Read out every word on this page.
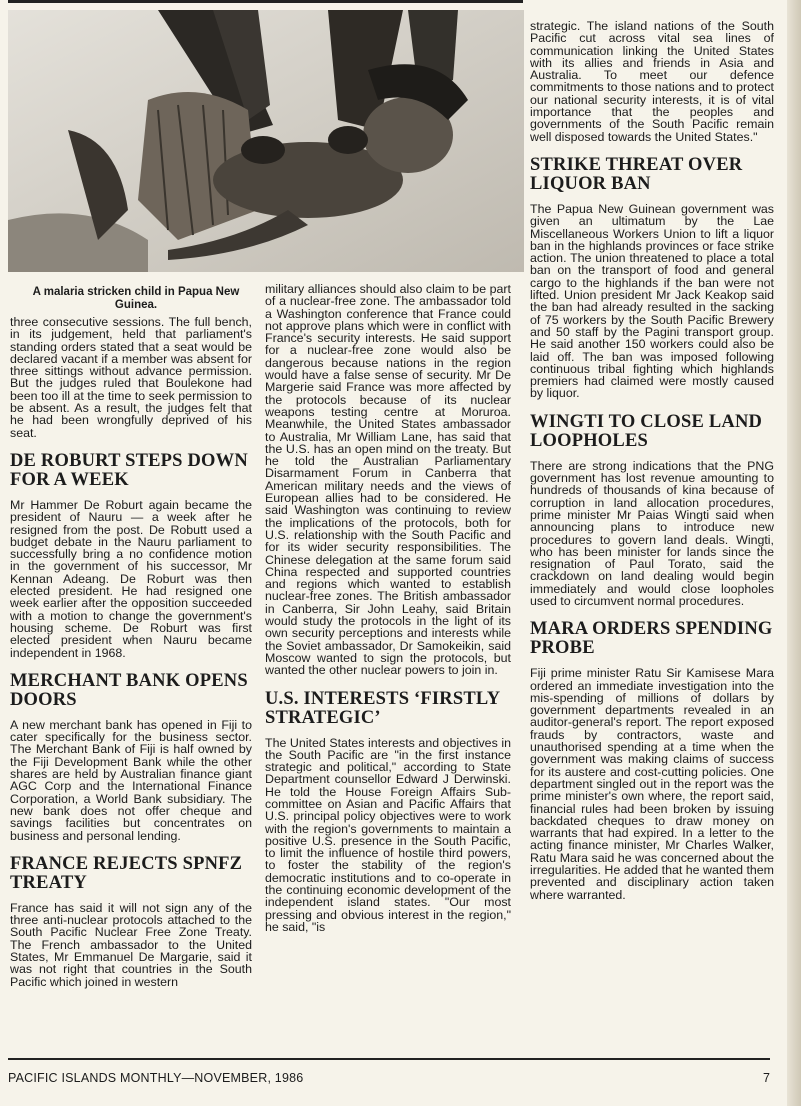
A malaria stricken child in Papua New Guinea.

three consecutive sessions. The full bench, in its judgement, held that parliament's standing orders stated that a seat would be declared vacant if a member was absent for three sittings without advance permission. But the judges ruled that Boulekone had been too ill at the time to seek permission to be absent. As a result, the judges felt that he had been wrongfully deprived of his seat.

DE ROBURT STEPS DOWN FOR A WEEK

Mr Hammer De Roburt again became the president of Nauru — a week after he resigned from the post. De Robutt used a budget debate in the Nauru parliament to successfully bring a no confidence motion in the government of his successor, Mr Kennan Adeang. De Roburt was then elected president. He had resigned one week earlier after the opposition succeeded with a motion to change the government's housing scheme. De Roburt was first elected president when Nauru became independent in 1968.

MERCHANT BANK OPENS DOORS

A new merchant bank has opened in Fiji to cater specifically for the business sector. The Merchant Bank of Fiji is half owned by the Fiji Development Bank while the other shares are held by Australian finance giant AGC Corp and the International Finance Corporation, a World Bank subsidiary. The new bank does not offer cheque and savings facilities but concentrates on business and personal lending.

FRANCE REJECTS SPNFZ TREATY

France has said it will not sign any of the three anti-nuclear protocols attached to the South Pacific Nuclear Free Zone Treaty. The French ambassador to the United States, Mr Emmanuel De Margarie, said it was not right that countries in the South Pacific which joined in western

military alliances should also claim to be part of a nuclear-free zone. The ambassador told a Washington conference that France could not approve plans which were in conflict with France's security interests. He said support for a nuclear-free zone would also be dangerous because nations in the region would have a false sense of security. Mr De Margerie said France was more affected by the protocols because of its nuclear weapons testing centre at Moruroa. Meanwhile, the United States ambassador to Australia, Mr William Lane, has said that the U.S. has an open mind on the treaty. But he told the Australian Parliamentary Disarmament Forum in Canberra that American military needs and the views of European allies had to be considered. He said Washington was continuing to review the implications of the protocols, both for U.S. relationship with the South Pacific and for its wider security responsibilities. The Chinese delegation at the same forum said China respected and supported countries and regions which wanted to establish nuclear-free zones. The British ambassador in Canberra, Sir John Leahy, said Britain would study the protocols in the light of its own security perceptions and interests while the Soviet ambassador, Dr Samokeikin, said Moscow wanted to sign the protocols, but wanted the other nuclear powers to join in.

U.S. INTERESTS ‘FIRSTLY STRATEGIC’

The United States interests and objectives in the South Pacific are "in the first instance strategic and political," according to State Department counsellor Edward J Derwinski. He told the House Foreign Affairs Sub-committee on Asian and Pacific Affairs that U.S. principal policy objectives were to work with the region's governments to maintain a positive U.S. presence in the South Pacific, to limit the influence of hostile third powers, to foster the stability of the region's democratic institutions and to co-operate in the continuing economic development of the independent island states. "Our most pressing and obvious interest in the region," he said, "is

strategic. The island nations of the South Pacific cut across vital sea lines of communication linking the United States with its allies and friends in Asia and Australia. To meet our defence commitments to those nations and to protect our national security interests, it is of vital importance that the peoples and governments of the South Pacific remain well disposed towards the United States."

STRIKE THREAT OVER LIQUOR BAN

The Papua New Guinean government was given an ultimatum by the Lae Miscellaneous Workers Union to lift a liquor ban in the highlands provinces or face strike action. The union threatened to place a total ban on the transport of food and general cargo to the highlands if the ban were not lifted. Union president Mr Jack Keakop said the ban had already resulted in the sacking of 75 workers by the South Pacific Brewery and 50 staff by the Pagini transport group. He said another 150 workers could also be laid off. The ban was imposed following continuous tribal fighting which highlands premiers had claimed were mostly caused by liquor.

WINGTI TO CLOSE LAND LOOPHOLES

There are strong indications that the PNG government has lost revenue amounting to hundreds of thousands of kina because of corruption in land allocation procedures, prime minister Mr Paias Wingti said when announcing plans to introduce new procedures to govern land deals. Wingti, who has been minister for lands since the resignation of Paul Torato, said the crackdown on land dealing would begin immediately and would close loopholes used to circumvent normal procedures.

MARA ORDERS SPENDING PROBE

Fiji prime minister Ratu Sir Kamisese Mara ordered an immediate investigation into the mis-spending of millions of dollars by government departments revealed in an auditor-general's report. The report exposed frauds by contractors, waste and unauthorised spending at a time when the government was making claims of success for its austere and cost-cutting policies. One department singled out in the report was the prime minister's own where, the report said, financial rules had been broken by issuing backdated cheques to draw money on warrants that had expired. In a letter to the acting finance minister, Mr Charles Walker, Ratu Mara said he was concerned about the irregularities. He added that he wanted them prevented and disciplinary action taken where warranted.

PACIFIC ISLANDS MONTHLY—NOVEMBER, 1986	7
